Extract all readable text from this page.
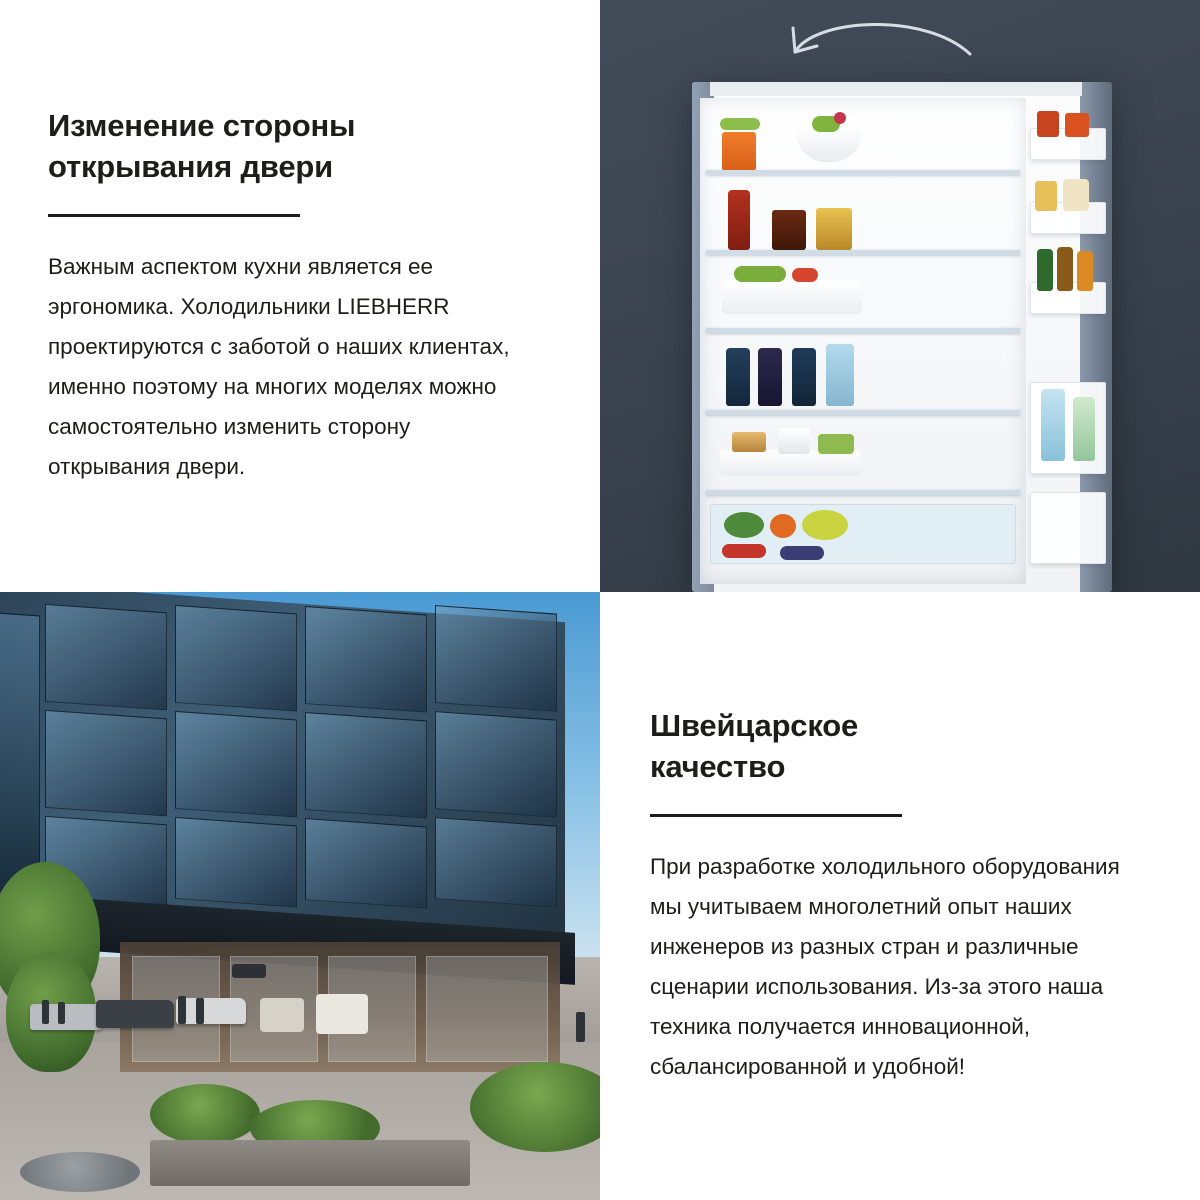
Изменение стороны
открывания двери

Важным аспектом кухни является ее эргономика. Холодильники LIEBHERR проектируются с заботой о наших клиентах, именно поэтому на многих моделях можно самостоятельно изменить сторону открывания двери.

Швейцарское
качество

При разработке холодильного оборудования мы учитываем многолетний опыт наших инженеров из разных стран и различные сценарии использования. Из-за этого наша техника получается инновационной, сбалансированной и удобной!
